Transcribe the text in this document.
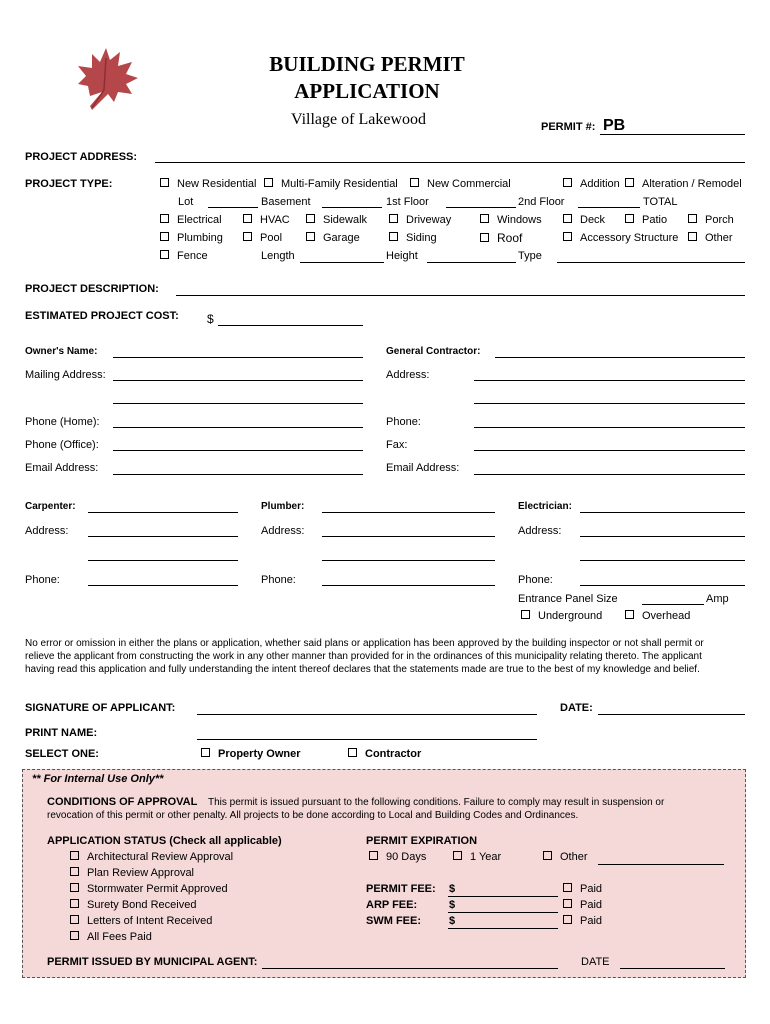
BUILDING PERMIT
APPLICATION
Village of Lakewood	PERMIT #: PB
PROJECT ADDRESS:
PROJECT TYPE:	New Residential	Multi-Family Residential	New Commercial	Addition	Alteration / Remodel
Lot	Basement	1st Floor	2nd Floor	TOTAL
Electrical	HVAC	Sidewalk	Driveway	Windows	Deck	Patio	Porch
Plumbing	Pool	Garage	Siding	Roof	Accessory Structure	Other
Fence	Length	Height	Type
PROJECT DESCRIPTION:
ESTIMATED PROJECT COST: $
Owner's Name:	General Contractor:
Mailing Address:	Address:
Phone (Home):	Phone:
Phone (Office):	Fax:
Email Address:	Email Address:
Carpenter:	Plumber:	Electrician:
Address:	Address:	Address:
Phone:	Phone:	Phone:
Entrance Panel Size	Amp
Underground	Overhead
No error or omission in either the plans or application, whether said plans or application has been approved by the building inspector or not shall permit or
relieve the applicant from constructing the work in any other manner than provided for in the ordinances of this municipality relating thereto. The applicant
having read this application and fully understanding the intent thereof declares that the statements made are true to the best of my knowledge and belief.
SIGNATURE OF APPLICANT:	DATE:
PRINT NAME:
SELECT ONE:	Property Owner	Contractor
** For Internal Use Only**
CONDITIONS OF APPROVAL This permit is issued pursuant to the following conditions. Failure to comply may result in suspension or
revocation of this permit or other penalty. All projects to be done according to Local and Building Codes and Ordinances.
APPLICATION STATUS (Check all applicable)
Architectural Review Approval
Plan Review Approval
Stormwater Permit Approved
Surety Bond Received
Letters of Intent Received
All Fees Paid
PERMIT EXPIRATION
90 Days	1 Year	Other
PERMIT FEE: $	Paid
ARP FEE:	$	Paid
SWM FEE:	$	Paid
PERMIT ISSUED BY MUNICIPAL AGENT:	DATE
